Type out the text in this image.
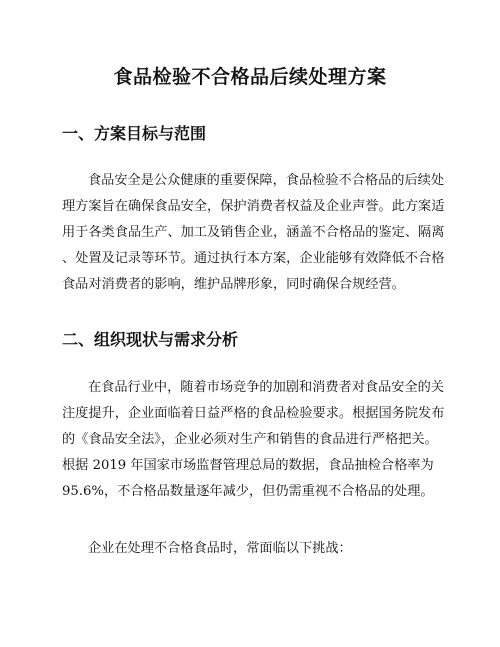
食品检验不合格品后续处理方案
一、方案目标与范围
食品安全是公众健康的重要保障，食品检验不合格品的后续处
理方案旨在确保食品安全，保护消费者权益及企业声誉。此方案适
用于各类食品生产、加工及销售企业，涵盖不合格品的鉴定、隔离
、处置及记录等环节。通过执行本方案，企业能够有效降低不合格
食品对消费者的影响，维护品牌形象，同时确保合规经营。
二、组织现状与需求分析
在食品行业中，随着市场竞争的加剧和消费者对食品安全的关
注度提升，企业面临着日益严格的食品检验要求。根据国务院发布
的《食品安全法》，企业必须对生产和销售的食品进行严格把关。
根据 2019 年国家市场监督管理总局的数据，食品抽检合格率为
95.6%，不合格品数量逐年减少，但仍需重视不合格品的处理。
企业在处理不合格食品时，常面临以下挑战：
